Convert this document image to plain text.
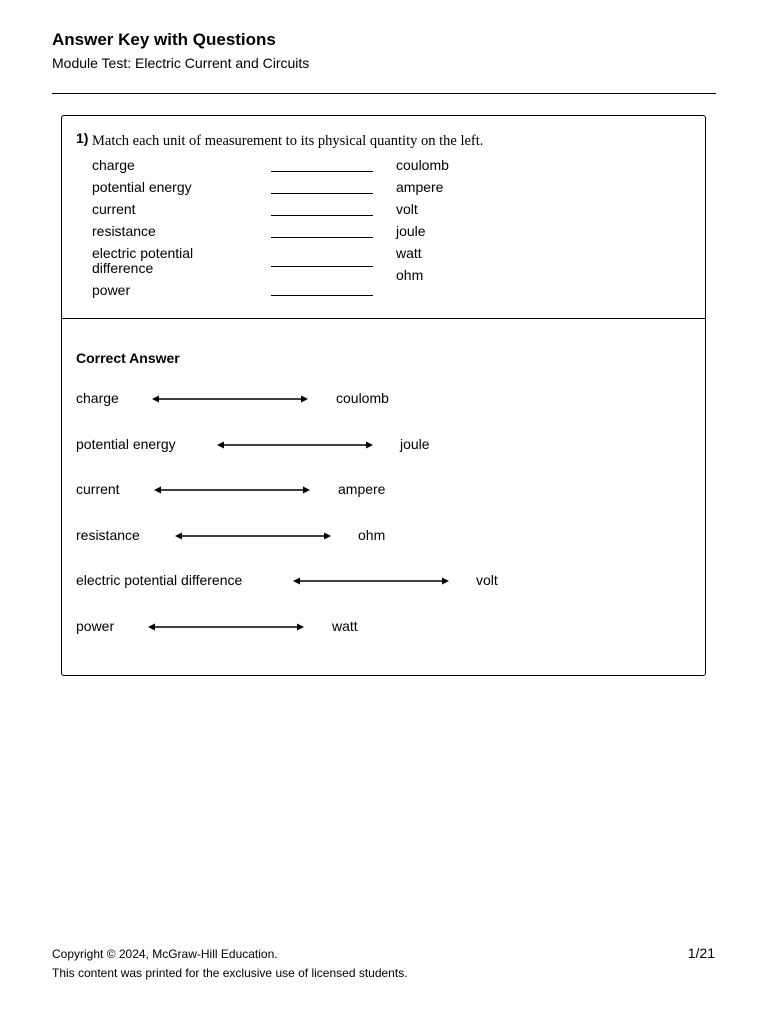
Answer Key with Questions
Module Test: Electric Current and Circuits
1) Match each unit of measurement to its physical quantity on the left.
charge
potential energy
current
resistance
electric potential difference
power
coulomb
ampere
volt
joule
watt
ohm
Correct Answer
charge	coulomb
potential energy	joule
current	ampere
resistance	ohm
electric potential difference	volt
power	watt
Copyright © 2024, McGraw-Hill Education.
This content was printed for the exclusive use of licensed students.
1/21
